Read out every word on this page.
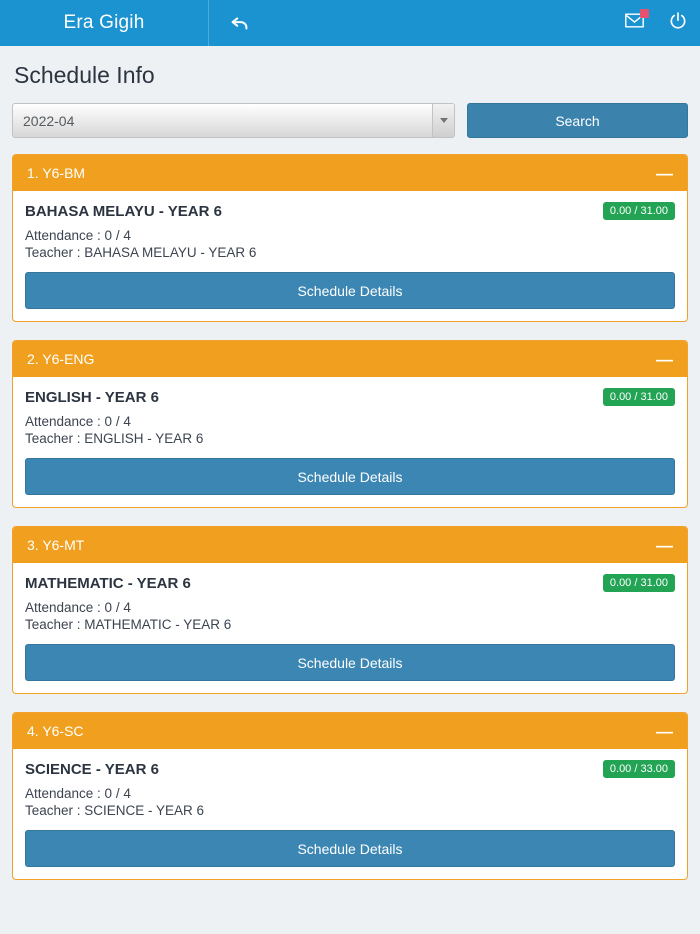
Era Gigih
Schedule Info
2022-04	Search
1. Y6-BM	—
BAHASA MELAYU - YEAR 6	0.00 / 31.00
Attendance : 0 / 4
Teacher : BAHASA MELAYU - YEAR 6
Schedule Details
2. Y6-ENG	—
ENGLISH - YEAR 6	0.00 / 31.00
Attendance : 0 / 4
Teacher : ENGLISH - YEAR 6
Schedule Details
3. Y6-MT	—
MATHEMATIC - YEAR 6	0.00 / 31.00
Attendance : 0 / 4
Teacher : MATHEMATIC - YEAR 6
Schedule Details
4. Y6-SC	—
SCIENCE - YEAR 6	0.00 / 33.00
Attendance : 0 / 4
Teacher : SCIENCE - YEAR 6
Schedule Details
